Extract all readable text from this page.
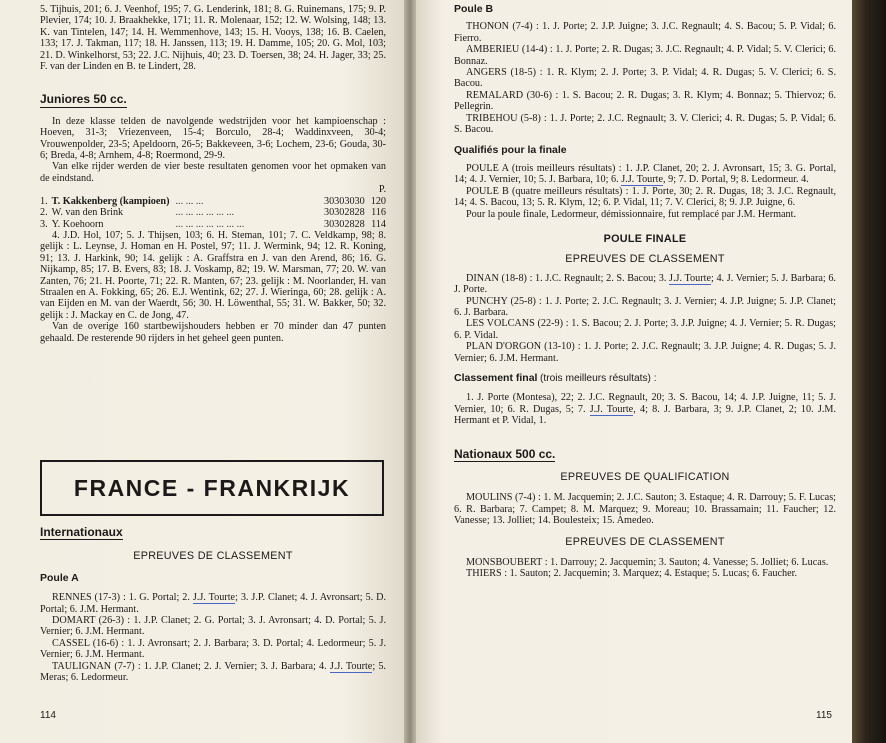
5. Tijhuis, 201; 6. J. Veenhof, 195; 7. G. Lenderink, 181; 8. G. Ruinemans, 175; 9. P. Plevier, 174; 10. J. Braakhekke, 171; 11. R. Molenaar, 152; 12. W. Wolsing, 148; 13. K. van Tintelen, 147; 14. H. Wemmenhove, 143; 15. H. Vooys, 138; 16. B. Caelen, 133; 17. J. Takman, 117; 18. H. Janssen, 113; 19. H. Damme, 105; 20. G. Mol, 103; 21. D. Winkelhorst, 53; 22. J.C. Nijhuis, 40; 23. D. Toersen, 38; 24. H. Jager, 33; 25. F. van der Linden en B. te Lindert, 28.

Juniores 50 cc.

In deze klasse telden de navolgende wedstrijden voor het kampioenschap : Hoeven, 31-3; Vriezenveen, 15-4; Borculo, 28-4; Waddinxveen, 30-4; Vrouwenpolder, 23-5; Apeldoorn, 26-5; Bakkeveen, 3-6; Lochem, 23-6; Gouda, 30-6; Breda, 4-8; Arnhem, 4-8; Roermond, 29-9.

Van elke rijder werden de vier beste resultaten genomen voor het opmaken van de eindstand.

P.
1.	T. Kakkenberg (kampioen)	... ... ...	30	30	30	30	120
2.	W. van den Brink	... ... ... ... ... ...	30	30	28	28	116
3.	Y. Koehoorn	... ... ... ... ... ... ...	30	30	28	28	114

4. J.D. Hol, 107; 5. J. Thijsen, 103; 6. H. Steman, 101; 7. C. Veldkamp, 98; 8. gelijk : L. Leynse, J. Homan en H. Postel, 97; 11. J. Wermink, 94; 12. R. Koning, 91; 13. J. Harkink, 90; 14. gelijk : A. Graffstra en J. van den Arend, 86; 16. G. Nijkamp, 85; 17. B. Evers, 83; 18. J. Voskamp, 82; 19. W. Marsman, 77; 20. W. van Zanten, 76; 21. H. Poorte, 71; 22. R. Manten, 67; 23. gelijk : M. Noorlander, H. van Straalen en A. Fokking, 65; 26. E.J. Wentink, 62; 27. J. Wieringa, 60; 28. gelijk : A. van Eijden en M. van der Waerdt, 56; 30. H. Löwenthal, 55; 31. W. Bakker, 50; 32. gelijk : J. Mackay en C. de Jong, 47.

Van de overige 160 startbewijshouders hebben er 70 minder dan 47 punten gehaald. De resterende 90 rijders in het geheel geen punten.

FRANCE - FRANKRIJK

Internationaux

EPREUVES DE CLASSEMENT

Poule A

RENNES (17-3) : 1. G. Portal; 2. J.J. Tourte; 3. J.P. Clanet; 4. J. Avronsart; 5. D. Portal; 6. J.M. Hermant.

DOMART (26-3) : 1. J.P. Clanet; 2. G. Portal; 3. J. Avronsart; 4. D. Portal; 5. J. Vernier; 6. J.M. Hermant.

CASSEL (16-6) : 1. J. Avronsart; 2. J. Barbara; 3. D. Portal; 4. Ledormeur; 5. J. Vernier; 6. J.M. Hermant.

TAULIGNAN (7-7) : 1. J.P. Clanet; 2. J. Vernier; 3. J. Barbara; 4. J.J. Tourte; 5. Meras; 6. Ledormeur.

114

Poule B

THONON (7-4) : 1. J. Porte; 2. J.P. Juigne; 3. J.C. Regnault; 4. S. Bacou; 5. P. Vidal; 6. Fierro.

AMBERIEU (14-4) : 1. J. Porte; 2. R. Dugas; 3. J.C. Regnault; 4. P. Vidal; 5. V. Clerici; 6. Bonnaz.

ANGERS (18-5) : 1. R. Klym; 2. J. Porte; 3. P. Vidal; 4. R. Dugas; 5. V. Clerici; 6. S. Bacou.

REMALARD (30-6) : 1. S. Bacou; 2. R. Dugas; 3. R. Klym; 4. Bonnaz; 5. Thiervoz; 6. Pellegrin.

TRIBEHOU (5-8) : 1. J. Porte; 2. J.C. Regnault; 3. V. Clerici; 4. R. Dugas; 5. P. Vidal; 6. S. Bacou.

Qualifiés pour la finale

POULE A (trois meilleurs résultats) : 1. J.P. Clanet, 20; 2. J. Avronsart, 15; 3. G. Portal, 14; 4. J. Vernier, 10; 5. J. Barbara, 10; 6. J.J. Tourte, 9; 7. D. Portal, 9; 8. Ledormeur. 4.

POULE B (quatre meilleurs résultats) : 1. J. Porte, 30; 2. R. Dugas, 18; 3. J.C. Regnault, 14; 4. S. Bacou, 13; 5. R. Klym, 12; 6. P. Vidal, 11; 7. V. Clerici, 8; 9. J.P. Juigne, 6.

Pour la poule finale, Ledormeur, démissionnaire, fut remplacé par J.M. Hermant.

POULE FINALE

EPREUVES DE CLASSEMENT

DINAN (18-8) : 1. J.C. Regnault; 2. S. Bacou; 3. J.J. Tourte; 4. J. Vernier; 5. J. Barbara; 6. J. Porte.

PUNCHY (25-8) : 1. J. Porte; 2. J.C. Regnault; 3. J. Vernier; 4. J.P. Juigne; 5. J.P. Clanet; 6. J. Barbara.

LES VOLCANS (22-9) : 1. S. Bacou; 2. J. Porte; 3. J.P. Juigne; 4. J. Vernier; 5. R. Dugas; 6. P. Vidal.

PLAN D'ORGON (13-10) : 1. J. Porte; 2. J.C. Regnault; 3. J.P. Juigne; 4. R. Dugas; 5. J. Vernier; 6. J.M. Hermant.

Classement final (trois meilleurs résultats) :

1. J. Porte (Montesa), 22; 2. J.C. Regnault, 20; 3. S. Bacou, 14; 4. J.P. Juigne, 11; 5. J. Vernier, 10; 6. R. Dugas, 5; 7. J.J. Tourte, 4; 8. J. Barbara, 3; 9. J.P. Clanet, 2; 10. J.M. Hermant et P. Vidal, 1.

Nationaux 500 cc.

EPREUVES DE QUALIFICATION

MOULINS (7-4) : 1. M. Jacquemin; 2. J.C. Sauton; 3. Estaque; 4. R. Darrouy; 5. F. Lucas; 6. R. Barbara; 7. Campet; 8. M. Marquez; 9. Moreau; 10. Brassamain; 11. Faucher; 12. Vanesse; 13. Jolliet; 14. Boulesteix; 15. Amedeo.

EPREUVES DE CLASSEMENT

MONSBOUBERT : 1. Darrouy; 2. Jacquemin; 3. Sauton; 4. Vanesse; 5. Jolliet; 6. Lucas.

THIERS : 1. Sauton; 2. Jacquemin; 3. Marquez; 4. Estaque; 5. Lucas; 6. Faucher.

115
